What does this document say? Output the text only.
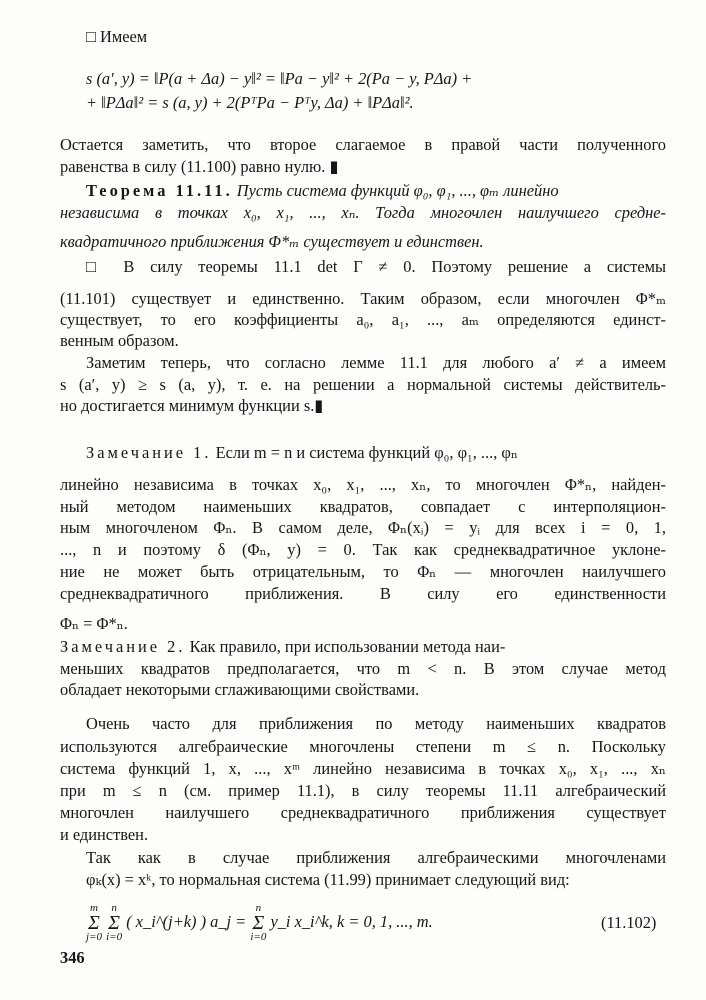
□ Имеем
s (a′, y) = ‖P(a + Δa) − y‖² = ‖Pa − y‖² + 2(Pa − y, PΔa) +
+ ‖PΔa‖² = s (a, y) + 2(PᵀPa − Pᵀy, Δa) + ‖PΔa‖².
Остается заметить, что второе слагаемое в правой части полученного
равенства в силу (11.100) равно нулю. ▮
Теорема 11.11. Пусть система функций φ₀, φ₁, ..., φₘ линейно
независима в точках x₀, x₁, ..., xₙ. Тогда многочлен наилучшего средне-
квадратичного приближения Φ*ₘ существует и единствен.
□ В силу теоремы 11.1 det Γ ≠ 0. Поэтому решение a системы
(11.101) существует и единственно. Таким образом, если многочлен Φ*ₘ
существует, то его коэффициенты a₀, a₁, ..., aₘ определяются единст-
венным образом.
Заметим теперь, что согласно лемме 11.1 для любого a′ ≠ a имеем
s (a′, y) ≥ s (a, y), т. е. на решении a нормальной системы действитель-
но достигается минимум функции s.▮
Замечание 1. Если m = n и система функций φ₀, φ₁, ..., φₙ
линейно независима в точках x₀, x₁, ..., xₙ, то многочлен Φ*ₙ, найден-
ный методом наименьших квадратов, совпадает с интерполяцион-
ным многочленом Φₙ. В самом деле, Φₙ(xᵢ) = yᵢ для всех i = 0, 1,
..., n и поэтому δ (Φₙ, y) = 0. Так как среднеквадратичное уклоне-
ние не может быть отрицательным, то Φₙ — многочлен наилучшего
среднеквадратичного приближения. В силу его единственности
Φₙ = Φ*ₙ.
Замечание 2. Как правило, при использовании метода наи-
меньших квадратов предполагается, что m < n. В этом случае метод
обладает некоторыми сглаживающими свойствами.
Очень часто для приближения по методу наименьших квадратов
используются алгебраические многочлены степени m ≤ n. Поскольку
система функций 1, x, ..., xᵐ линейно независима в точках x₀, x₁, ..., xₙ
при m ≤ n (см. пример 11.1), в силу теоремы 11.11 алгебраический
многочлен наилучшего среднеквадратичного приближения существует
и единствен.
Так как в случае приближения алгебраическими многочленами
φₖ(x) = xᵏ, то нормальная система (11.99) принимает следующий вид:
m
Σ
j=0 n
Σ
i=0 ( x_i^(j+k) ) a_j = n
Σ
i=0 y_i x_i^k, k = 0, 1, ..., m.	(11.102)
346
